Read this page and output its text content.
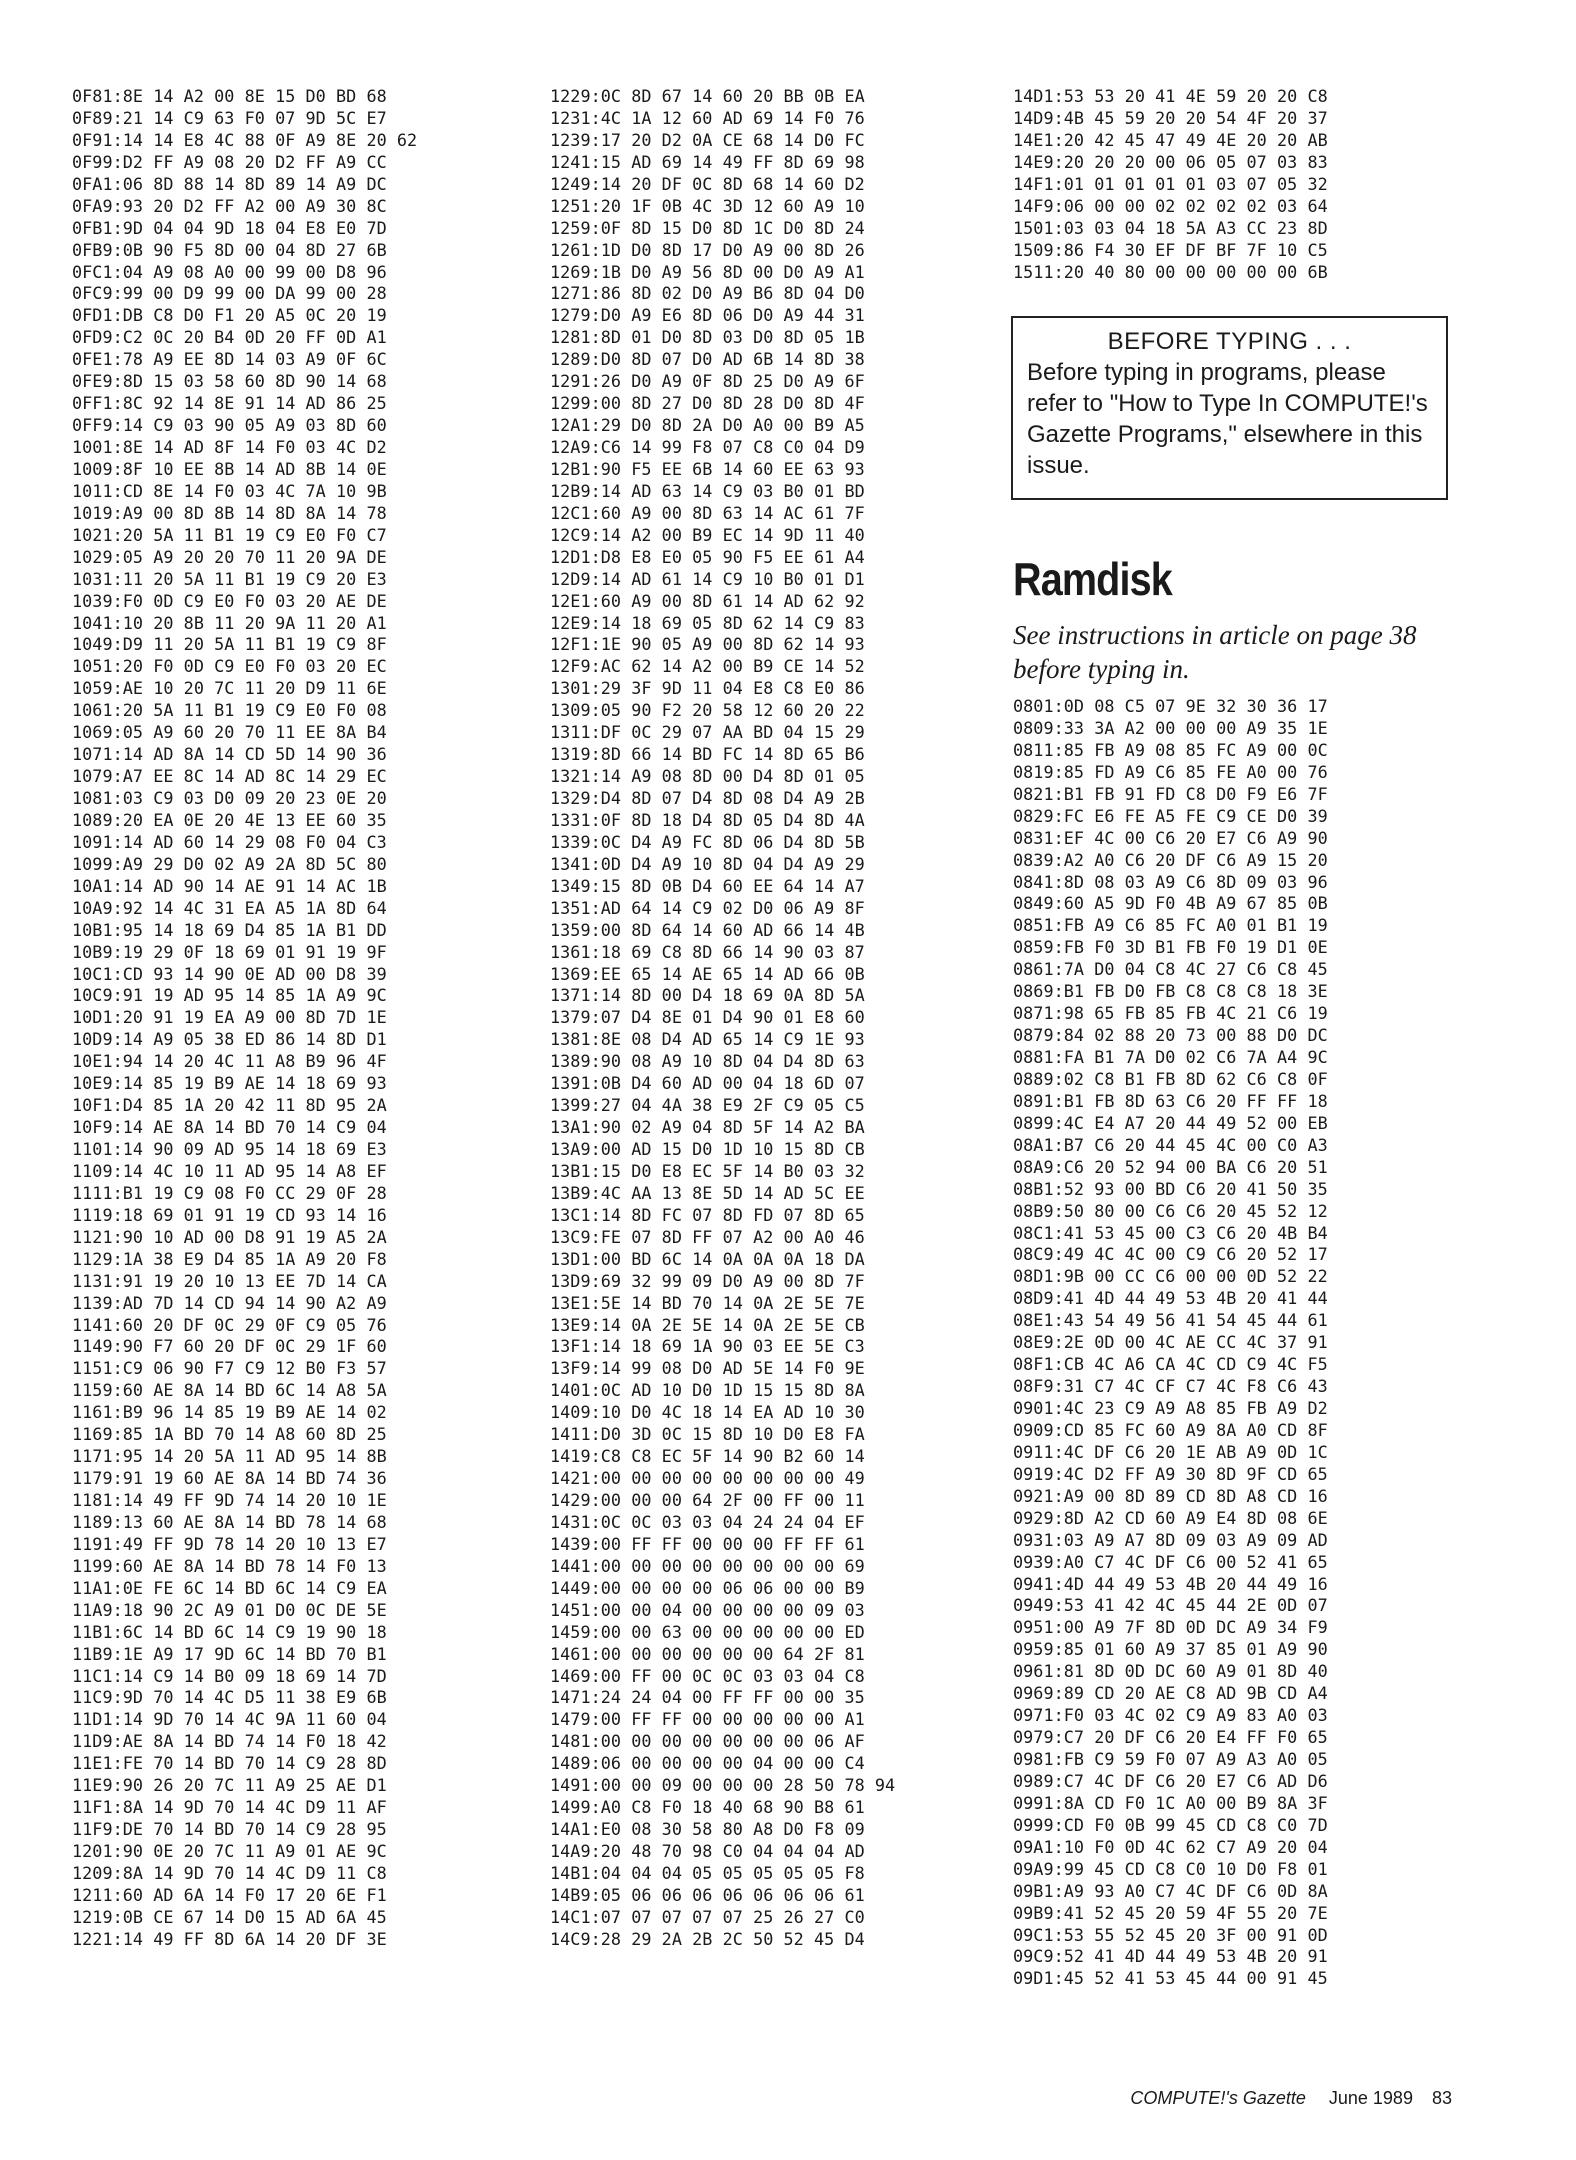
0F81:8E 14 A2 00 8E 15 D0 BD 68
0F89:21 14 C9 63 F0 07 9D 5C E7
0F91:14 14 E8 4C 88 0F A9 8E 20 62
0F99:D2 FF A9 08 20 D2 FF A9 CC
0FA1:06 8D 88 14 8D 89 14 A9 DC
0FA9:93 20 D2 FF A2 00 A9 30 8C
0FB1:9D 04 04 9D 18 04 E8 E0 7D
0FB9:0B 90 F5 8D 00 04 8D 27 6B
0FC1:04 A9 08 A0 00 99 00 D8 96
0FC9:99 00 D9 99 00 DA 99 00 28
0FD1:DB C8 D0 F1 20 A5 0C 20 19
0FD9:C2 0C 20 B4 0D 20 FF 0D A1
0FE1:78 A9 EE 8D 14 03 A9 0F 6C
0FE9:8D 15 03 58 60 8D 90 14 68
0FF1:8C 92 14 8E 91 14 AD 86 25
0FF9:14 C9 03 90 05 A9 03 8D 60
1001:8E 14 AD 8F 14 F0 03 4C D2
1009:8F 10 EE 8B 14 AD 8B 14 0E
1011:CD 8E 14 F0 03 4C 7A 10 9B
1019:A9 00 8D 8B 14 8D 8A 14 78
1021:20 5A 11 B1 19 C9 E0 F0 C7
1029:05 A9 20 20 70 11 20 9A DE
1031:11 20 5A 11 B1 19 C9 20 E3
1039:F0 0D C9 E0 F0 03 20 AE DE
1041:10 20 8B 11 20 9A 11 20 A1
1049:D9 11 20 5A 11 B1 19 C9 8F
1051:20 F0 0D C9 E0 F0 03 20 EC
1059:AE 10 20 7C 11 20 D9 11 6E
1061:20 5A 11 B1 19 C9 E0 F0 08
1069:05 A9 60 20 70 11 EE 8A B4
1071:14 AD 8A 14 CD 5D 14 90 36
1079:A7 EE 8C 14 AD 8C 14 29 EC
1081:03 C9 03 D0 09 20 23 0E 20
1089:20 EA 0E 20 4E 13 EE 60 35
1091:14 AD 60 14 29 08 F0 04 C3
1099:A9 29 D0 02 A9 2A 8D 5C 80
10A1:14 AD 90 14 AE 91 14 AC 1B
10A9:92 14 4C 31 EA A5 1A 8D 64
10B1:95 14 18 69 D4 85 1A B1 DD
10B9:19 29 0F 18 69 01 91 19 9F
10C1:CD 93 14 90 0E AD 00 D8 39
10C9:91 19 AD 95 14 85 1A A9 9C
10D1:20 91 19 EA A9 00 8D 7D 1E
10D9:14 A9 05 38 ED 86 14 8D D1
10E1:94 14 20 4C 11 A8 B9 96 4F
10E9:14 85 19 B9 AE 14 18 69 93
10F1:D4 85 1A 20 42 11 8D 95 2A
10F9:14 AE 8A 14 BD 70 14 C9 04
1101:14 90 09 AD 95 14 18 69 E3
1109:14 4C 10 11 AD 95 14 A8 EF
1111:B1 19 C9 08 F0 CC 29 0F 28
1119:18 69 01 91 19 CD 93 14 16
1121:90 10 AD 00 D8 91 19 A5 2A
1129:1A 38 E9 D4 85 1A A9 20 F8
1131:91 19 20 10 13 EE 7D 14 CA
1139:AD 7D 14 CD 94 14 90 A2 A9
1141:60 20 DF 0C 29 0F C9 05 76
1149:90 F7 60 20 DF 0C 29 1F 60
1151:C9 06 90 F7 C9 12 B0 F3 57
1159:60 AE 8A 14 BD 6C 14 A8 5A
1161:B9 96 14 85 19 B9 AE 14 02
1169:85 1A BD 70 14 A8 60 8D 25
1171:95 14 20 5A 11 AD 95 14 8B
1179:91 19 60 AE 8A 14 BD 74 36
1181:14 49 FF 9D 74 14 20 10 1E
1189:13 60 AE 8A 14 BD 78 14 68
1191:49 FF 9D 78 14 20 10 13 E7
1199:60 AE 8A 14 BD 78 14 F0 13
11A1:0E FE 6C 14 BD 6C 14 C9 EA
11A9:18 90 2C A9 01 D0 0C DE 5E
11B1:6C 14 BD 6C 14 C9 19 90 18
11B9:1E A9 17 9D 6C 14 BD 70 B1
11C1:14 C9 14 B0 09 18 69 14 7D
11C9:9D 70 14 4C D5 11 38 E9 6B
11D1:14 9D 70 14 4C 9A 11 60 04
11D9:AE 8A 14 BD 74 14 F0 18 42
11E1:FE 70 14 BD 70 14 C9 28 8D
11E9:90 26 20 7C 11 A9 25 AE D1
11F1:8A 14 9D 70 14 4C D9 11 AF
11F9:DE 70 14 BD 70 14 C9 28 95
1201:90 0E 20 7C 11 A9 01 AE 9C
1209:8A 14 9D 70 14 4C D9 11 C8
1211:60 AD 6A 14 F0 17 20 6E F1
1219:0B CE 67 14 D0 15 AD 6A 45
1221:14 49 FF 8D 6A 14 20 DF 3E
1229:0C 8D 67 14 60 20 BB 0B EA
1231:4C 1A 12 60 AD 69 14 F0 76
1239:17 20 D2 0A CE 68 14 D0 FC
1241:15 AD 69 14 49 FF 8D 69 98
1249:14 20 DF 0C 8D 68 14 60 D2
1251:20 1F 0B 4C 3D 12 60 A9 10
1259:0F 8D 15 D0 8D 1C D0 8D 24
1261:1D D0 8D 17 D0 A9 00 8D 26
1269:1B D0 A9 56 8D 00 D0 A9 A1
1271:86 8D 02 D0 A9 B6 8D 04 D0
1279:D0 A9 E6 8D 06 D0 A9 44 31
1281:8D 01 D0 8D 03 D0 8D 05 1B
1289:D0 8D 07 D0 AD 6B 14 8D 38
1291:26 D0 A9 0F 8D 25 D0 A9 6F
1299:00 8D 27 D0 8D 28 D0 8D 4F
12A1:29 D0 8D 2A D0 A0 00 B9 A5
12A9:C6 14 99 F8 07 C8 C0 04 D9
12B1:90 F5 EE 6B 14 60 EE 63 93
12B9:14 AD 63 14 C9 03 B0 01 BD
12C1:60 A9 00 8D 63 14 AC 61 7F
12C9:14 A2 00 B9 EC 14 9D 11 40
12D1:D8 E8 E0 05 90 F5 EE 61 A4
12D9:14 AD 61 14 C9 10 B0 01 D1
12E1:60 A9 00 8D 61 14 AD 62 92
12E9:14 18 69 05 8D 62 14 C9 83
12F1:1E 90 05 A9 00 8D 62 14 93
12F9:AC 62 14 A2 00 B9 CE 14 52
1301:29 3F 9D 11 04 E8 C8 E0 86
1309:05 90 F2 20 58 12 60 20 22
1311:DF 0C 29 07 AA BD 04 15 29
1319:8D 66 14 BD FC 14 8D 65 B6
1321:14 A9 08 8D 00 D4 8D 01 05
1329:D4 8D 07 D4 8D 08 D4 A9 2B
1331:0F 8D 18 D4 8D 05 D4 8D 4A
1339:0C D4 A9 FC 8D 06 D4 8D 5B
1341:0D D4 A9 10 8D 04 D4 A9 29
1349:15 8D 0B D4 60 EE 64 14 A7
1351:AD 64 14 C9 02 D0 06 A9 8F
1359:00 8D 64 14 60 AD 66 14 4B
1361:18 69 C8 8D 66 14 90 03 87
1369:EE 65 14 AE 65 14 AD 66 0B
1371:14 8D 00 D4 18 69 0A 8D 5A
1379:07 D4 8E 01 D4 90 01 E8 60
1381:8E 08 D4 AD 65 14 C9 1E 93
1389:90 08 A9 10 8D 04 D4 8D 63
1391:0B D4 60 AD 00 04 18 6D 07
1399:27 04 4A 38 E9 2F C9 05 C5
13A1:90 02 A9 04 8D 5F 14 A2 BA
13A9:00 AD 15 D0 1D 10 15 8D CB
13B1:15 D0 E8 EC 5F 14 B0 03 32
13B9:4C AA 13 8E 5D 14 AD 5C EE
13C1:14 8D FC 07 8D FD 07 8D 65
13C9:FE 07 8D FF 07 A2 00 A0 46
13D1:00 BD 6C 14 0A 0A 0A 18 DA
13D9:69 32 99 09 D0 A9 00 8D 7F
13E1:5E 14 BD 70 14 0A 2E 5E 7E
13E9:14 0A 2E 5E 14 0A 2E 5E CB
13F1:14 18 69 1A 90 03 EE 5E C3
13F9:14 99 08 D0 AD 5E 14 F0 9E
1401:0C AD 10 D0 1D 15 15 8D 8A
1409:10 D0 4C 18 14 EA AD 10 30
1411:D0 3D 0C 15 8D 10 D0 E8 FA
1419:C8 C8 EC 5F 14 90 B2 60 14
1421:00 00 00 00 00 00 00 00 49
1429:00 00 00 64 2F 00 FF 00 11
1431:0C 0C 03 03 04 24 24 04 EF
1439:00 FF FF 00 00 00 FF FF 61
1441:00 00 00 00 00 00 00 00 69
1449:00 00 00 00 06 06 00 00 B9
1451:00 00 04 00 00 00 00 09 03
1459:00 00 63 00 00 00 00 00 ED
1461:00 00 00 00 00 00 64 2F 81
1469:00 FF 00 0C 0C 03 03 04 C8
1471:24 24 04 00 FF FF 00 00 35
1479:00 FF FF 00 00 00 00 00 A1
1481:00 00 00 00 00 00 00 06 AF
1489:06 00 00 00 00 04 00 00 C4
1491:00 00 09 00 00 00 28 50 78 94
1499:A0 C8 F0 18 40 68 90 B8 61
14A1:E0 08 30 58 80 A8 D0 F8 09
14A9:20 48 70 98 C0 04 04 04 AD
14B1:04 04 04 05 05 05 05 05 F8
14B9:05 06 06 06 06 06 06 06 61
14C1:07 07 07 07 07 25 26 27 C0
14C9:28 29 2A 2B 2C 50 52 45 D4
14D1:53 53 20 41 4E 59 20 20 C8
14D9:4B 45 59 20 20 54 4F 20 37
14E1:20 42 45 47 49 4E 20 20 AB
14E9:20 20 20 00 06 05 07 03 83
14F1:01 01 01 01 01 03 07 05 32
14F9:06 00 00 02 02 02 02 03 64
1501:03 03 04 18 5A A3 CC 23 8D
1509:86 F4 30 EF DF BF 7F 10 C5
1511:20 40 80 00 00 00 00 00 6B
BEFORE TYPING . . .
Before typing in programs, please refer to "How to Type In COMPUTE!'s Gazette Programs," elsewhere in this issue.
Ramdisk
See instructions in article on page 38 before typing in.
0801:0D 08 C5 07 9E 32 30 36 17
0809:33 3A A2 00 00 00 A9 35 1E
0811:85 FB A9 08 85 FC A9 00 0C
0819:85 FD A9 C6 85 FE A0 00 76
0821:B1 FB 91 FD C8 D0 F9 E6 7F
0829:FC E6 FE A5 FE C9 CE D0 39
0831:EF 4C 00 C6 20 E7 C6 A9 90
0839:A2 A0 C6 20 DF C6 A9 15 20
0841:8D 08 03 A9 C6 8D 09 03 96
0849:60 A5 9D F0 4B A9 67 85 0B
0851:FB A9 C6 85 FC A0 01 B1 19
0859:FB F0 3D B1 FB F0 19 D1 0E
0861:7A D0 04 C8 4C 27 C6 C8 45
0869:B1 FB D0 FB C8 C8 C8 18 3E
0871:98 65 FB 85 FB 4C 21 C6 19
0879:84 02 88 20 73 00 88 D0 DC
0881:FA B1 7A D0 02 C6 7A A4 9C
0889:02 C8 B1 FB 8D 62 C6 C8 0F
0891:B1 FB 8D 63 C6 20 FF FF 18
0899:4C E4 A7 20 44 49 52 00 EB
08A1:B7 C6 20 44 45 4C 00 C0 A3
08A9:C6 20 52 94 00 BA C6 20 51
08B1:52 93 00 BD C6 20 41 50 35
08B9:50 80 00 C6 C6 20 45 52 12
08C1:41 53 45 00 C3 C6 20 4B B4
08C9:49 4C 4C 00 C9 C6 20 52 17
08D1:9B 00 CC C6 00 00 0D 52 22
08D9:41 4D 44 49 53 4B 20 41 44
08E1:43 54 49 56 41 54 45 44 61
08E9:2E 0D 00 4C AE CC 4C 37 91
08F1:CB 4C A6 CA 4C CD C9 4C F5
08F9:31 C7 4C CF C7 4C F8 C6 43
0901:4C 23 C9 A9 A8 85 FB A9 D2
0909:CD 85 FC 60 A9 8A A0 CD 8F
0911:4C DF C6 20 1E AB A9 0D 1C
0919:4C D2 FF A9 30 8D 9F CD 65
0921:A9 00 8D 89 CD 8D A8 CD 16
0929:8D A2 CD 60 A9 E4 8D 08 6E
0931:03 A9 A7 8D 09 03 A9 09 AD
0939:A0 C7 4C DF C6 00 52 41 65
0941:4D 44 49 53 4B 20 44 49 16
0949:53 41 42 4C 45 44 2E 0D 07
0951:00 A9 7F 8D 0D DC A9 34 F9
0959:85 01 60 A9 37 85 01 A9 90
0961:81 8D 0D DC 60 A9 01 8D 40
0969:89 CD 20 AE C8 AD 9B CD A4
0971:F0 03 4C 02 C9 A9 83 A0 03
0979:C7 20 DF C6 20 E4 FF F0 65
0981:FB C9 59 F0 07 A9 A3 A0 05
0989:C7 4C DF C6 20 E7 C6 AD D6
0991:8A CD F0 1C A0 00 B9 8A 3F
0999:CD F0 0B 99 45 CD C8 C0 7D
09A1:10 F0 0D 4C 62 C7 A9 20 04
09A9:99 45 CD C8 C0 10 D0 F8 01
09B1:A9 93 A0 C7 4C DF C6 0D 8A
09B9:41 52 45 20 59 4F 55 20 7E
09C1:53 55 52 45 20 3F 00 91 0D
09C9:52 41 4D 44 49 53 4B 20 91
09D1:45 52 41 53 45 44 00 91 45
COMPUTE!'s Gazette June 1989 83
